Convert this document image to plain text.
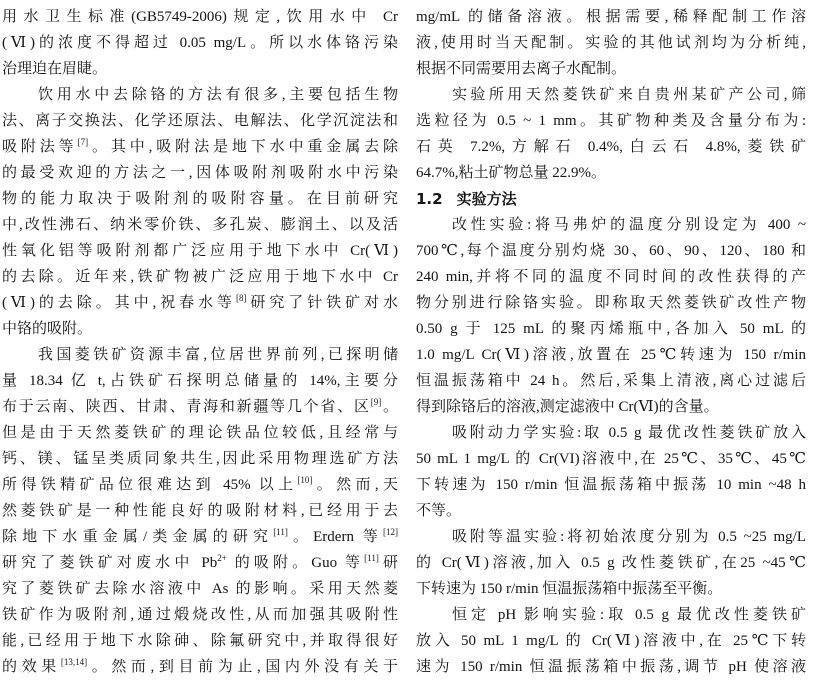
用水卫生标准(GB5749-2006)规定,饮用水中 Cr
(Ⅵ)的浓度不得超过 0.05 mg/L。所以水体铬污染
治理迫在眉睫。
饮用水中去除铬的方法有很多,主要包括生物
法、离子交换法、化学还原法、电解法、化学沉淀法和
吸附法等[7]。其中,吸附法是地下水中重金属去除
的最受欢迎的方法之一,因体吸附剂吸附水中污染
物的能力取决于吸附剂的吸附容量。在目前研究
中,改性沸石、纳米零价铁、多孔炭、膨润土、以及活
性氧化铝等吸附剂都广泛应用于地下水中 Cr(Ⅵ)
的去除。近年来,铁矿物被广泛应用于地下水中 Cr
(Ⅵ)的去除。其中,祝春水等[8]研究了针铁矿对水
中铬的吸附。
我国菱铁矿资源丰富,位居世界前列,已探明储
量 18.34 亿 t,占铁矿石探明总储量的 14%,主要分
布于云南、陕西、甘肃、青海和新疆等几个省、区[9]。
但是由于天然菱铁矿的理论铁品位较低,且经常与
钙、镁、锰呈类质同象共生,因此采用物理选矿方法
所得铁精矿品位很难达到 45% 以上[10]。然而,天
然菱铁矿是一种性能良好的吸附材料,已经用于去
除地下水重金属/类金属的研究[11]。Erdern 等[12]
研究了菱铁矿对废水中 $Pb^{2+}$ 的吸附。Guo 等[11]研
究了菱铁矿去除水溶液中 As 的影响。采用天然菱
铁矿作为吸附剂,通过煅烧改性,从而加强其吸附性
能,已经用于地下水除砷、除氟研究中,并取得很好
的效果[13,14]。然而,到目前为止,国内外没有关于
mg/mL 的储备溶液。根据需要,稀释配制工作溶
液,使用时当天配制。实验的其他试剂均为分析纯,
根据不同需要用去离子水配制。
实验所用天然菱铁矿来自贵州某矿产公司,筛
选粒径为 0.5 ~ 1 mm。其矿物种类及含量分布为:
石英 7.2%,方解石 0.4%,白云石 4.8%,菱铁矿
64.7%,粘土矿物总量 22.9%。
1.2 实验方法
改性实验:将马弗炉的温度分别设定为 400 ~
700℃,每个温度分别灼烧 30、60、90、120、180 和
240 min,并将不同的温度不同时间的改性获得的产
物分别进行除铬实验。即称取天然菱铁矿改性产物
0.50 g 于 125 mL 的聚丙烯瓶中,各加入 50 mL 的
1.0 mg/L Cr(Ⅵ)溶液,放置在 25℃转速为 150 r/min
恒温振荡箱中 24 h。然后,采集上清液,离心过滤后
得到除铬后的溶液,测定滤液中 Cr(Ⅵ)的含量。
吸附动力学实验:取 0.5 g 最优改性菱铁矿放入
50 mL 1 mg/L 的 Cr(VI)溶液中,在 25℃、35℃、45℃
下转速为 150 r/min 恒温振荡箱中振荡 10 min ~48 h
不等。
吸附等温实验:将初始浓度分别为 0.5 ~25 mg/L
的 Cr(Ⅵ)溶液,加入 0.5 g 改性菱铁矿,在25 ~45℃
下转速为 150 r/min 恒温振荡箱中振荡至平衡。
恒定 pH 影响实验:取 0.5 g 最优改性菱铁矿
放入 50 mL 1 mg/L 的 Cr(Ⅵ)溶液中,在 25℃下转
速为 150 r/min 恒温振荡箱中振荡,调节 pH 使溶液
